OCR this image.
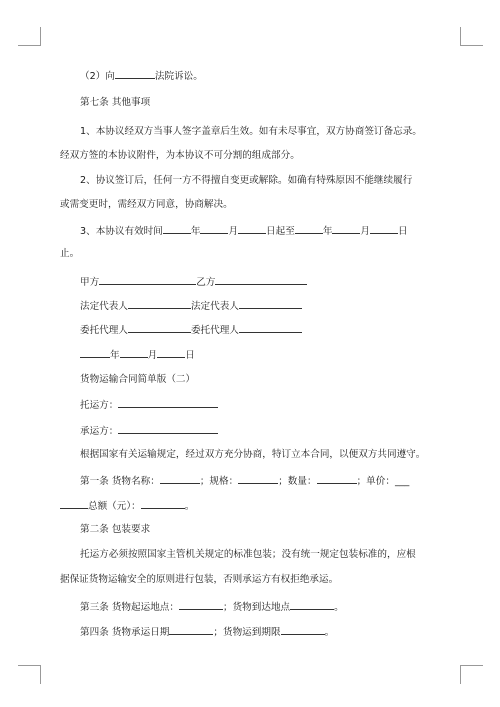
（2）向	法院诉讼。
第七条 其他事项
1、本协议经双方当事人签字盖章后生效。如有未尽事宜，双方协商签订备忘录。
经双方签的本协议附件，为本协议不可分割的组成部分。
2、协议签订后，任何一方不得擅自变更或解除。如确有特殊原因不能继续履行
或需变更时，需经双方同意，协商解决。
3、本协议有效时间	年	月	日起至	年	月	日
止。
甲方	乙方
法定代表人	法定代表人
委托代理人	委托代理人
年	月	日
货物运输合同简单版（二）
托运方：
承运方：
根据国家有关运输规定，经过双方充分协商，特订立本合同，以便双方共同遵守。
第一条 货物名称：	；规格：	；数量：	；单价：___
总额（元）：	。
第二条 包装要求
托运方必须按照国家主管机关规定的标准包装；没有统一规定包装标准的，应根
据保证货物运输安全的原则进行包装，否则承运方有权拒绝承运。
第三条 货物起运地点：	；货物到达地点	。
第四条 货物承运日期	；货物运到期限	。
